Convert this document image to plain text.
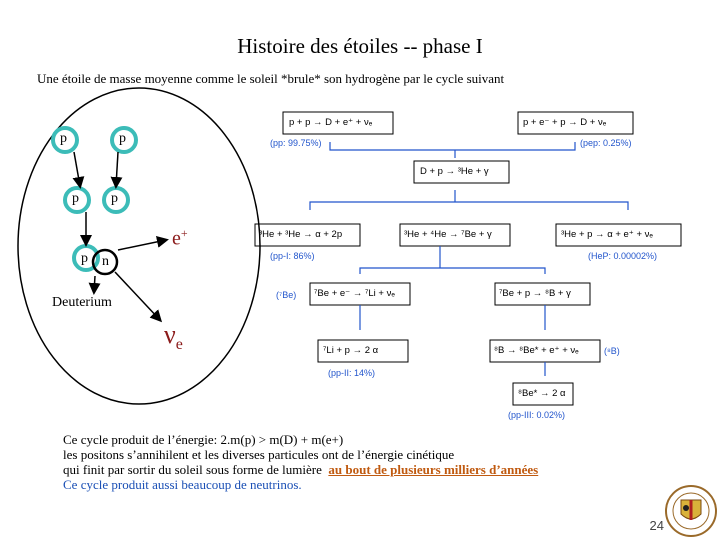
Histoire des étoiles -- phase I
Une étoile de masse moyenne comme le soleil *brule* son hydrogène par le cycle suivant
p	p
p p
p n
e+
$\nu_e$
Deuterium
p + p → D + e⁺ + νₑ
(pp: 99.75%)
p + e⁻ + p → D + νₑ
(pep: 0.25%)
D + p → ³He + γ
³He + ³He → α + 2p
(pp-I: 86%)
³He + ⁴He → ⁷Be + γ	³He + p → α + e⁺ + νₑ
(HeP: 0.00002%)
(⁷Be) ⁷Be + e⁻ → ⁷Li + νₑ	⁷Be + p → ⁸B + γ
⁷Li + p → 2 α
(pp-II: 14%)
⁸B → ⁸Be* + e⁺ + νₑ	(⁸B)
⁸Be* → 2 α
(pp-III: 0.02%)
Ce cycle produit de l’énergie: 2.m(p) > m(D) + m(e+)
les positons s’annihilent et les diverses particules ont de l’énergie cinétique
qui finit par sortir du soleil sous forme de lumière au bout de plusieurs milliers d’années
Ce cycle produit aussi beaucoup de neutrinos.
24
